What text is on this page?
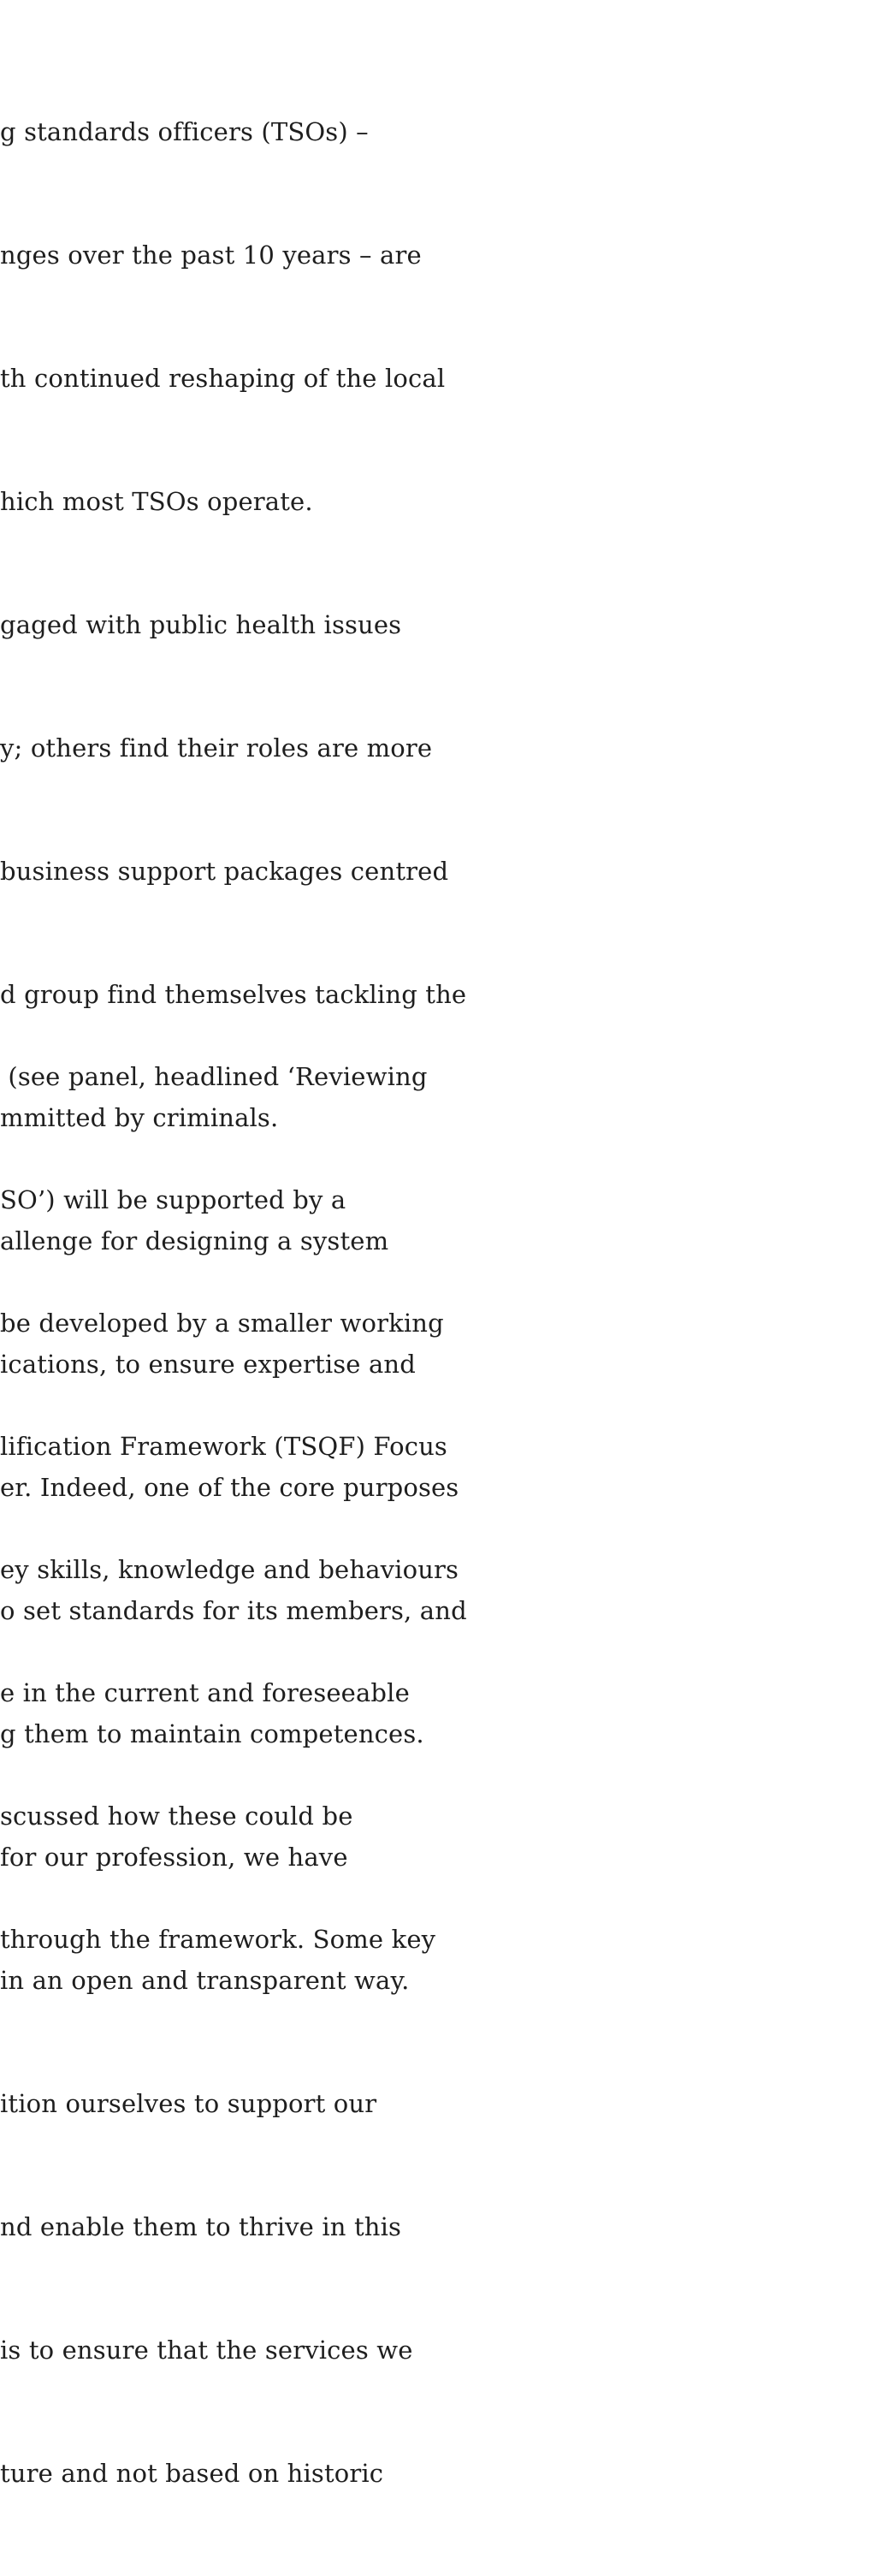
g standards officers (TSOs) –

nges over the past 10 years – are

th continued reshaping of the local

hich most TSOs operate.

gaged with public health issues

y; others find their roles are more

business support packages centred

d group find themselves tackling the

mmitted by criminals.

allenge for designing a system

ications, to ensure expertise and

er. Indeed, one of the core purposes

o set standards for its members, and

g them to maintain competences.

for our profession, we have

in an open and transparent way.

ition ourselves to support our

nd enable them to thrive in this

is to ensure that the services we

ture and not based on historic

(see panel, headlined ‘Reviewing

SO’) will be supported by a

be developed by a smaller working

lification Framework (TSQF) Focus

ey skills, knowledge and behaviours

e in the current and foreseeable

scussed how these could be

through the framework. Some key
